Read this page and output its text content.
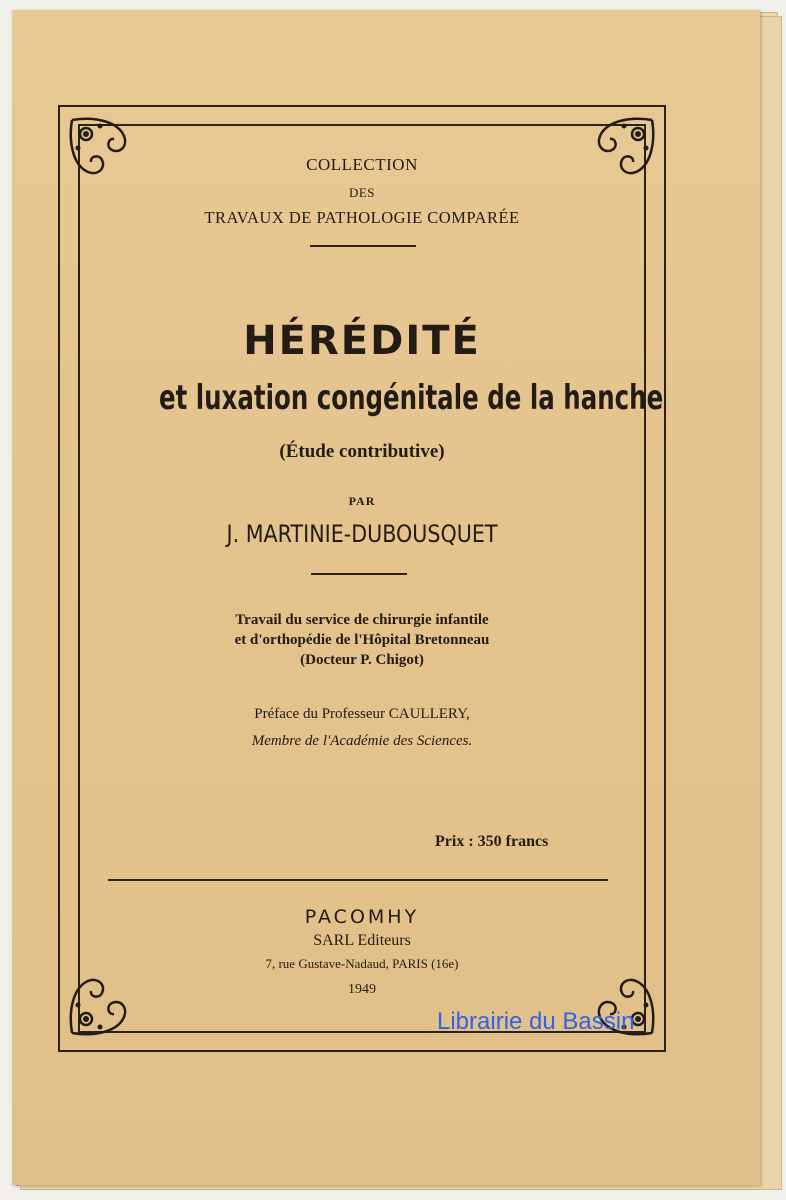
COLLECTION

DES

TRAVAUX DE PATHOLOGIE COMPARÉE

HÉRÉDITÉ

et luxation congénitale de la hanche

(Étude contributive)

PAR

J. MARTINIE-DUBOUSQUET

Travail du service de chirurgie infantile

et d'orthopédie de l'Hôpital Bretonneau

(Docteur P. Chigot)

Préface du Professeur CAULLERY,

Membre de l'Académie des Sciences.

Prix : 350 francs

PACOMHY

SARL Editeurs

7, rue Gustave-Nadaud, PARIS (16e)

1949

Librairie du Bassin
